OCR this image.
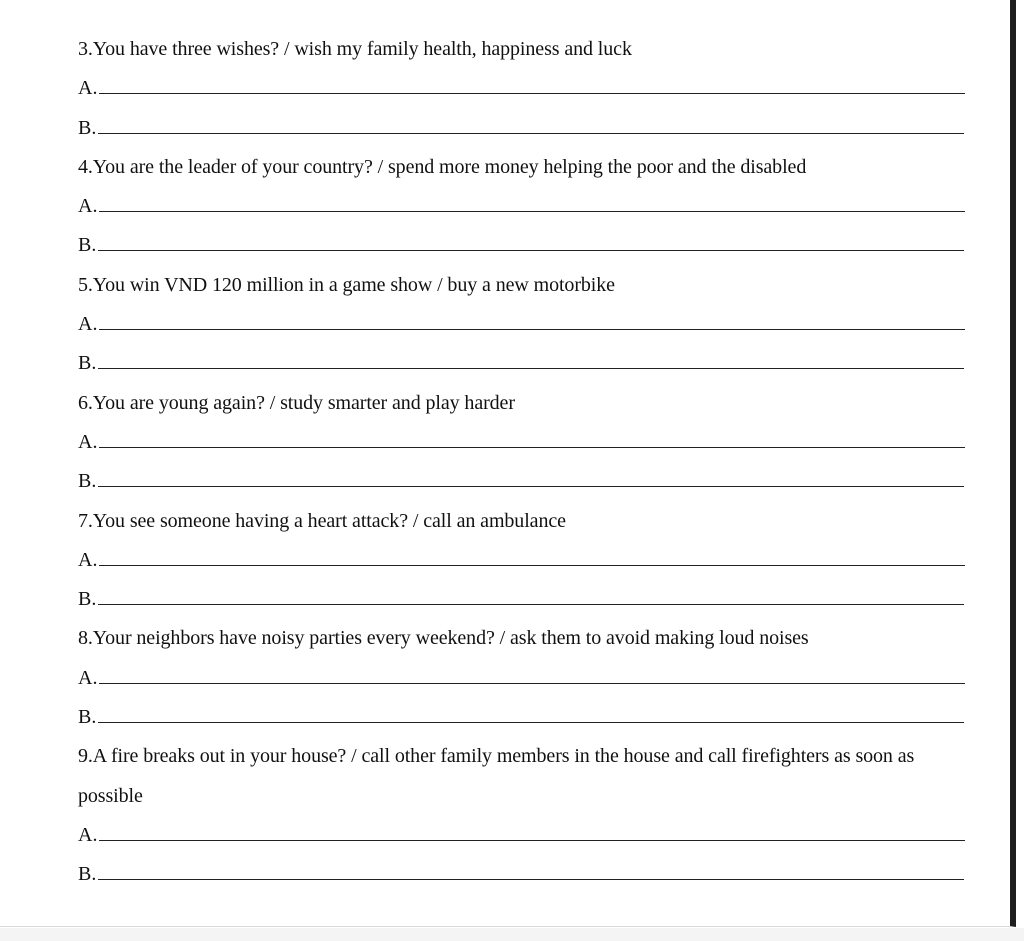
3.You have three wishes? / wish my family health, happiness and luck
A.
B.
4.You are the leader of your country? / spend more money helping the poor and the disabled
A.
B.
5.You win VND 120 million in a game show / buy a new motorbike
A.
B.
6.You are young again? / study smarter and play harder
A.
B.
7.You see someone having a heart attack? / call an ambulance
A.
B.
8.Your neighbors have noisy parties every weekend? / ask them to avoid making loud noises
A.
B.
9.A fire breaks out in your house? / call other family members in the house and call firefighters as soon as possible
A.
B.
